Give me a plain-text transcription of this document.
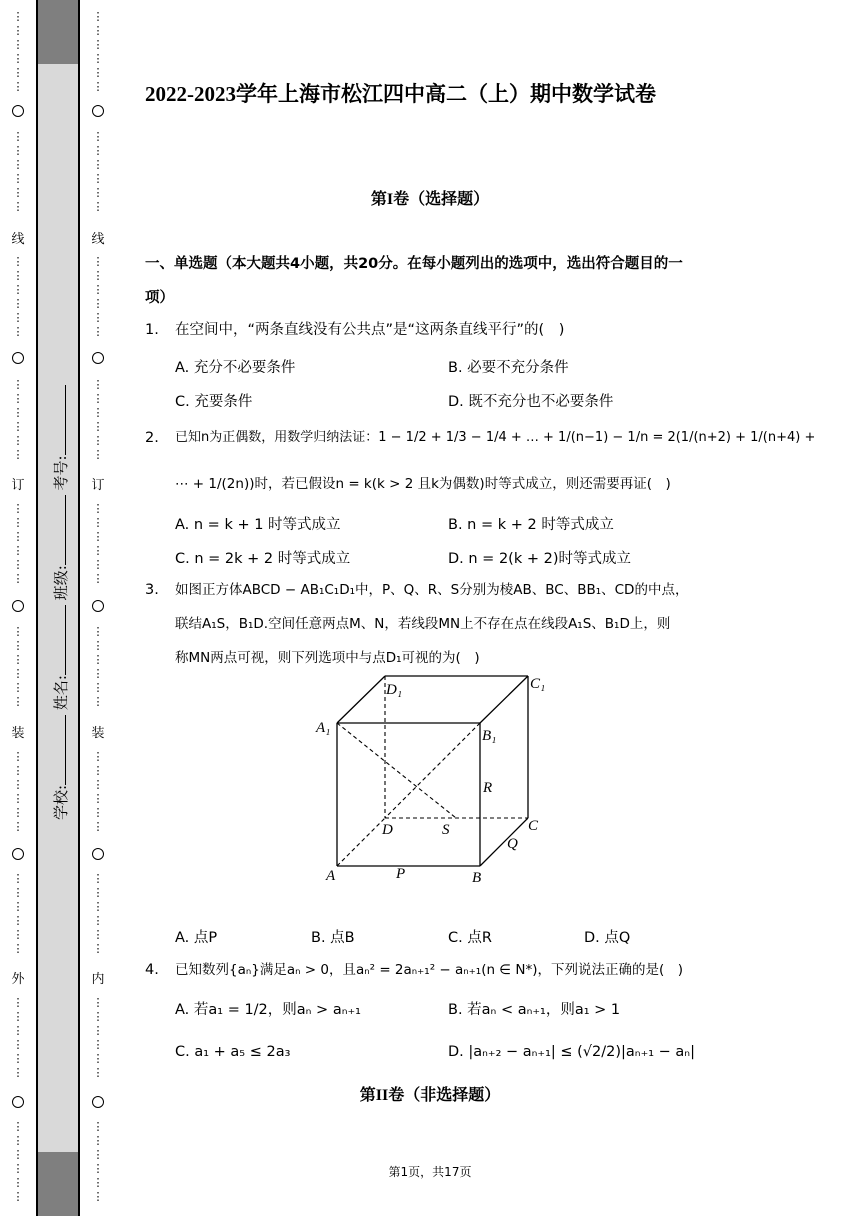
⋮
⋮
⋮
⋮
⋮
⋮
⋮
⋮
⋮
⋮
⋮
⋮
线
⋮
⋮
⋮
⋮
⋮
⋮
⋮
⋮
⋮
⋮
⋮
⋮
订
⋮
⋮
⋮
⋮
⋮
⋮
⋮
⋮
⋮
⋮
⋮
⋮
装
⋮
⋮
⋮
⋮
⋮
⋮
⋮
⋮
⋮
⋮
⋮
⋮
外
⋮
⋮
⋮
⋮
⋮
⋮
⋮
⋮
⋮
⋮
⋮
⋮
学校: 姓名: 班级: 考号:
⋮
⋮
⋮
⋮
⋮
⋮
⋮
⋮
⋮
⋮
⋮
⋮
线
⋮
⋮
⋮
⋮
⋮
⋮
⋮
⋮
⋮
⋮
⋮
⋮
订
⋮
⋮
⋮
⋮
⋮
⋮
⋮
⋮
⋮
⋮
⋮
⋮
装
⋮
⋮
⋮
⋮
⋮
⋮
⋮
⋮
⋮
⋮
⋮
⋮
内
⋮
⋮
⋮
⋮
⋮
⋮
⋮
⋮
⋮
⋮
⋮
⋮
2022-2023学年上海市松江四中高二（上）期中数学试卷
第I卷（选择题）
一、单选题（本大题共4小题，共20分。在每小题列出的选项中，选出符合题目的一
项）
1. 在空间中，“两条直线没有公共点”是“这两条直线平行”的(　)
A. 充分不必要条件	B. 必要不充分条件
C. 充要条件	D. 既不充分也不必要条件
2. 已知n为正偶数，用数学归纳法证：1 − 1/2 + 1/3 − 1/4 + … + 1/(n−1) − 1/n = 2(1/(n+2) + 1/(n+4) +
⋯ + 1/(2n))时，若已假设n = k(k > 2 且k为偶数)时等式成立，则还需要再证(　)
A. n = k + 1 时等式成立	B. n = k + 2 时等式成立
C. n = 2k + 2 时等式成立	D. n = 2(k + 2)时等式成立
3. 如图正方体ABCD − AB₁C₁D₁中，P、Q、R、S分别为棱AB、BC、BB₁、CD的中点，
联结A₁S，B₁D.空间任意两点M、N，若线段MN上不存在点在线段A₁S、B₁D上，则
称MN两点可视，则下列选项中与点D₁可视的为(　)
D₁	C₁
A₁	B₁
R
D	S	C
Q
A	P	B
A. 点P	B. 点B	C. 点R	D. 点Q
4. 已知数列{aₙ}满足aₙ > 0，且aₙ² = 2aₙ₊₁² − aₙ₊₁(n ∈ N*)，下列说法正确的是(　)
A. 若a₁ = 1/2，则aₙ > aₙ₊₁	B. 若aₙ < aₙ₊₁，则a₁ > 1
C. a₁ + a₅ ≤ 2a₃	D. |aₙ₊₂ − aₙ₊₁| ≤ (√2/2)|aₙ₊₁ − aₙ|
第II卷（非选择题）
第1页，共17页
